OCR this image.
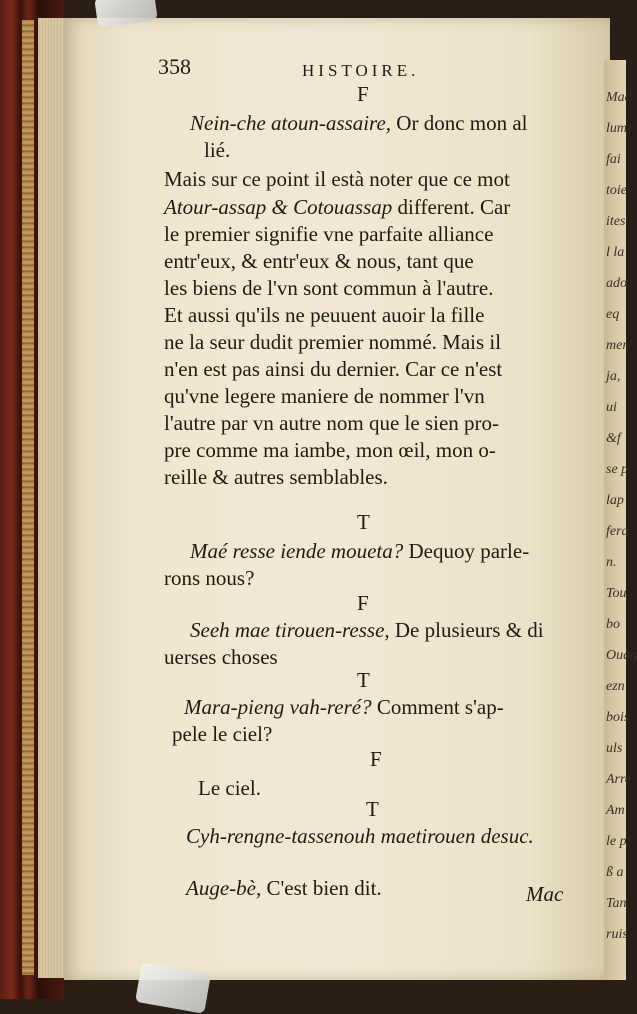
358	HISTOIRE.
F
Nein-che atoun-assaire, Or donc mon al
lié.
Mais sur ce point il està noter que ce mot
Atour-assap & Cotouassap different. Car
le premier signifie vne parfaite alliance
entr'eux, & entr'eux & nous, tant que
les biens de l'vn sont commun à l'autre.
Et aussi qu'ils ne peuuent auoir la fille
ne la seur dudit premier nommé. Mais il
n'en est pas ainsi du dernier. Car ce n'est
qu'vne legere maniere de nommer l'vn
l'autre par vn autre nom que le sien pro-
pre comme ma iambe, mon œil, mon o-
reille & autres semblables.
T
Maé resse iende moueta? Dequoy parle-
rons nous?
F
Seeh mae tirouen-resse, De plusieurs & di
uerses choses
T
Mara-pieng vah-reré? Comment s'ap-
pele le ciel?
F
Le ciel.
T
Cyh-rengne-tassenouh maetirouen desuc.
Auge-bè, C'est bien dit.	Mac
Mac
lum
fai
toie
ites
l la
ado
eq
mer
ja,
ui
&f
se p
lap
fera
n.
Tou
bo
Ouag
ezn
bois
uls
Arre
Am
le p
ß a
Tan
ruis
